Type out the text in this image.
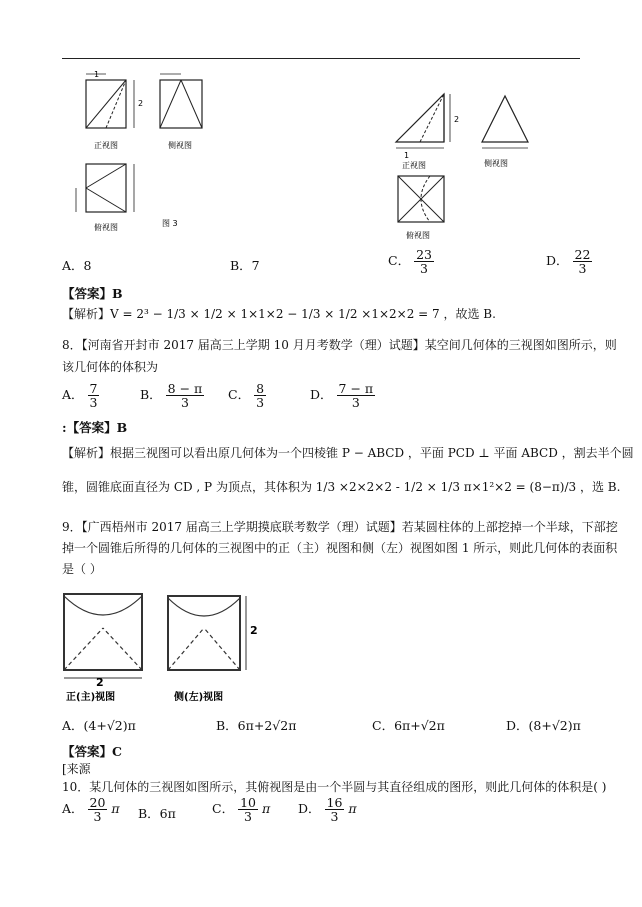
正视图	侧视图
俯视图	图 3
1
2
正视图	侧视图
俯视图
1
2
A．8	B．7	C． $\frac{23}{3}$	D． $\frac{22}{3}$
【答案】B
【解析】V = 2³ − 1/3 × 1/2 × 1×1×2 − 1/3 × 1/2 ×1×2×2 = 7 ，故选 B.
8．【河南省开封市 2017 届高三上学期 10 月月考数学（理）试题】某空间几何体的三视图如图所示，则
该几何体的体积为
A． $\frac{7}{3}$	B． $\frac{8 - \pi}{3}$ C． $\frac{8}{3}$	D． $\frac{7 - \pi}{3}$
:【答案】B
【解析】根据三视图可以看出原几何体为一个四棱锥 P − ABCD ，平面 PCD ⊥ 平面 ABCD ，割去半个圆
锥，圆锥底面直径为 CD , P 为顶点，其体积为 1/3 ×2×2×2 - 1/2 × 1/3 π×1²×2 = (8−π)/3 ，选 B.
9．【广西梧州市 2017 届高三上学期摸底联考数学（理）试题】若某圆柱体的上部挖掉一个半球，下部挖
掉一个圆锥后所得的几何体的三视图中的正（主）视图和侧（左）视图如图 1 所示，则此几何体的表面积
是（ ）
2
2
正(主)视图	侧(左)视图
A．(4+√2)π	B．6π+2√2π	C．6π+√2π	D．(8+√2)π
【答案】C
[来源
10．某几何体的三视图如图所示，其俯视图是由一个半圆与其直径组成的图形，则此几何体的体积是( )
A． $\frac{20}{3}$ π B．6π	C． $\frac{10}{3}$ π D． $\frac{16}{3}$ π
